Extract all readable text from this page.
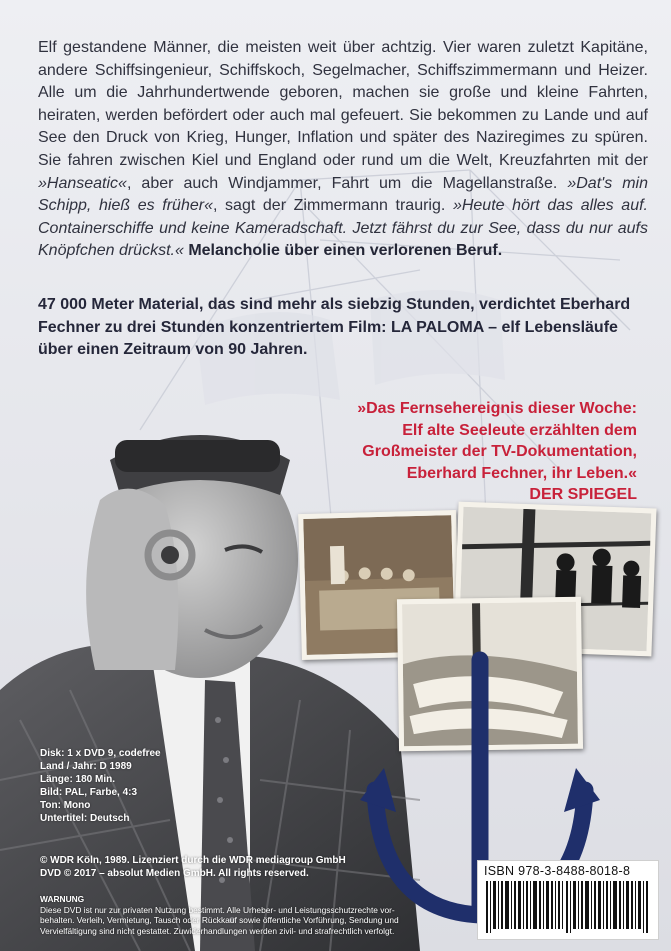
Elf gestandene Männer, die meisten weit über achtzig. Vier waren zuletzt Kapitäne, andere Schiffsingenieur, Schiffskoch, Segelmacher, Schiffszimmermann und Heizer. Alle um die Jahrhundertwende geboren, machen sie große und kleine Fahrten, heiraten, werden befördert oder auch mal gefeuert. Sie bekommen zu Lande und auf See den Druck von Krieg, Hunger, Inflation und später des Naziregimes zu spüren. Sie fahren zwischen Kiel und England oder rund um die Welt, Kreuzfahrten mit der »Hanseatic«, aber auch Windjammer, Fahrt um die Magellanstraße. »Dat's min Schipp, hieß es früher«, sagt der Zimmermann traurig. »Heute hört das alles auf. Containerschiffe und keine Kameradschaft. Jetzt fährst du zur See, dass du nur aufs Knöpfchen drückst.« Melancholie über einen verlorenen Beruf.
47 000 Meter Material, das sind mehr als siebzig Stunden, verdichtet Eberhard Fechner zu drei Stunden konzentriertem Film: LA PALOMA – elf Lebensläufe über einen Zeitraum von 90 Jahren.
»Das Fernsehereignis dieser Woche:
Elf alte Seeleute erzählten dem
Großmeister der TV-Dokumentation,
Eberhard Fechner, ihr Leben.«
DER SPIEGEL
Disk: 1 x DVD 9, codefree
Land / Jahr: D 1989
Länge: 180 Min.
Bild: PAL, Farbe, 4:3
Ton: Mono
Untertitel: Deutsch
© WDR Köln, 1989. Lizenziert durch die WDR mediagroup GmbH
DVD © 2017 – absolut Medien GmbH. All rights reserved.
WARNUNG
Diese DVD ist nur zur privaten Nutzung bestimmt. Alle Urheber- und Leistungsschutzrechte vor-
behalten. Verleih, Vermietung, Tausch oder Rückkauf sowie öffentliche Vorführung, Sendung und
Vervielfältigung sind nicht gestattet. Zuwiderhandlungen werden zivil- und strafrechtlich verfolgt.
ISBN 978-3-8488-8018-8
